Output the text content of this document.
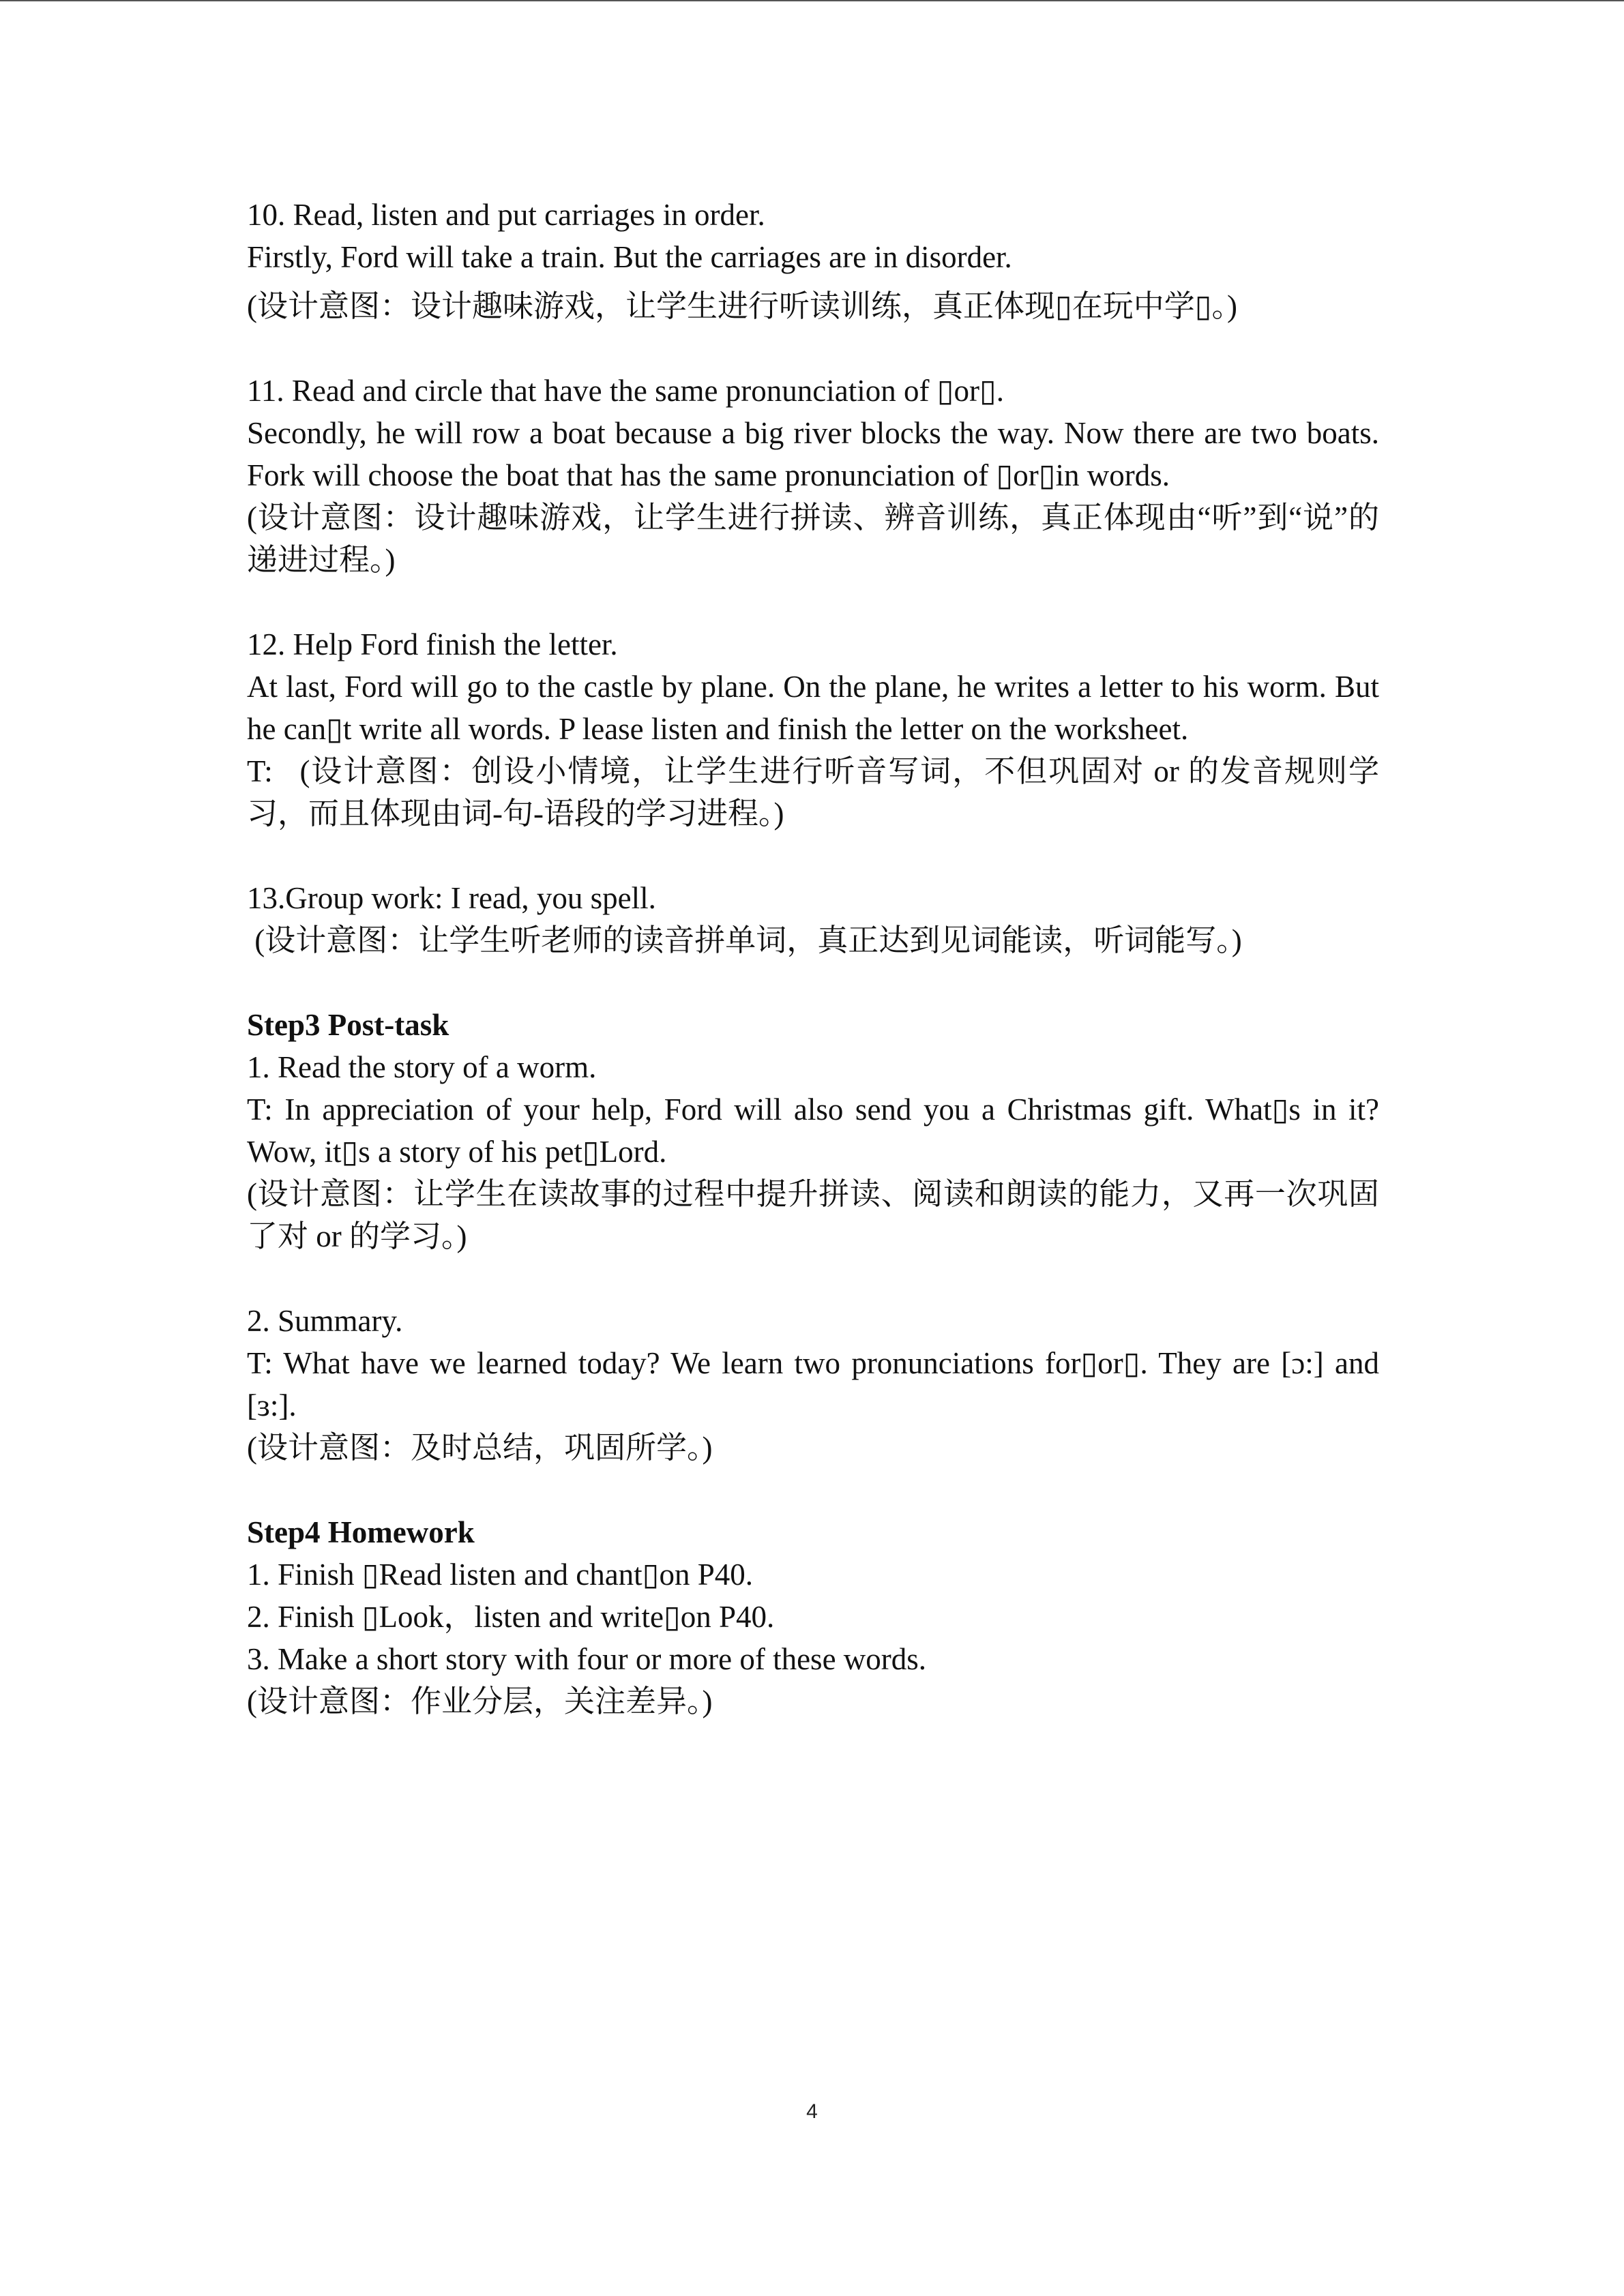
10. Read, listen and put carriages in order.

Firstly, Ford will take a train. But the carriages are in disorder.

(设计意图：设计趣味游戏，让学生进行听读训练，真正体现▯在玩中学▯。)

11. Read and circle that have the same pronunciation of ▯or▯.

Secondly, he will row a boat because a big river blocks the way. Now there are two boats. Fork will choose the boat that has the same pronunciation of ▯or▯in words.

(设计意图：设计趣味游戏，让学生进行拼读、辨音训练，真正体现由“听”到“说”的递进过程。)

12. Help Ford finish the letter.

At last, Ford will go to the castle by plane. On the plane, he writes a letter to his worm. But he can▯t write all words. P lease listen and finish the letter on the worksheet.

T:   (设计意图：创设小情境，让学生进行听音写词，不但巩固对 or 的发音规则学习，而且体现由词-句-语段的学习进程。)

13.Group work: I read, you spell.

(设计意图：让学生听老师的读音拼单词，真正达到见词能读，听词能写。)

Step3 Post-task

1. Read the story of a worm.

T: In appreciation of your help, Ford will also send you a Christmas gift. What▯s in it? Wow, it▯s a story of his pet▯Lord.

(设计意图：让学生在读故事的过程中提升拼读、阅读和朗读的能力，又再一次巩固了对 or 的学习。)

2. Summary.

T: What have we learned today? We learn two pronunciations for▯or▯. They are [ɔ:] and [ɜ:].

(设计意图：及时总结，巩固所学。)

Step4 Homework

1. Finish ▯Read listen and chant▯on P40.

2. Finish ▯Look，listen and write▯on P40.

3. Make a short story with four or more of these words.

(设计意图：作业分层，关注差异。)

4
